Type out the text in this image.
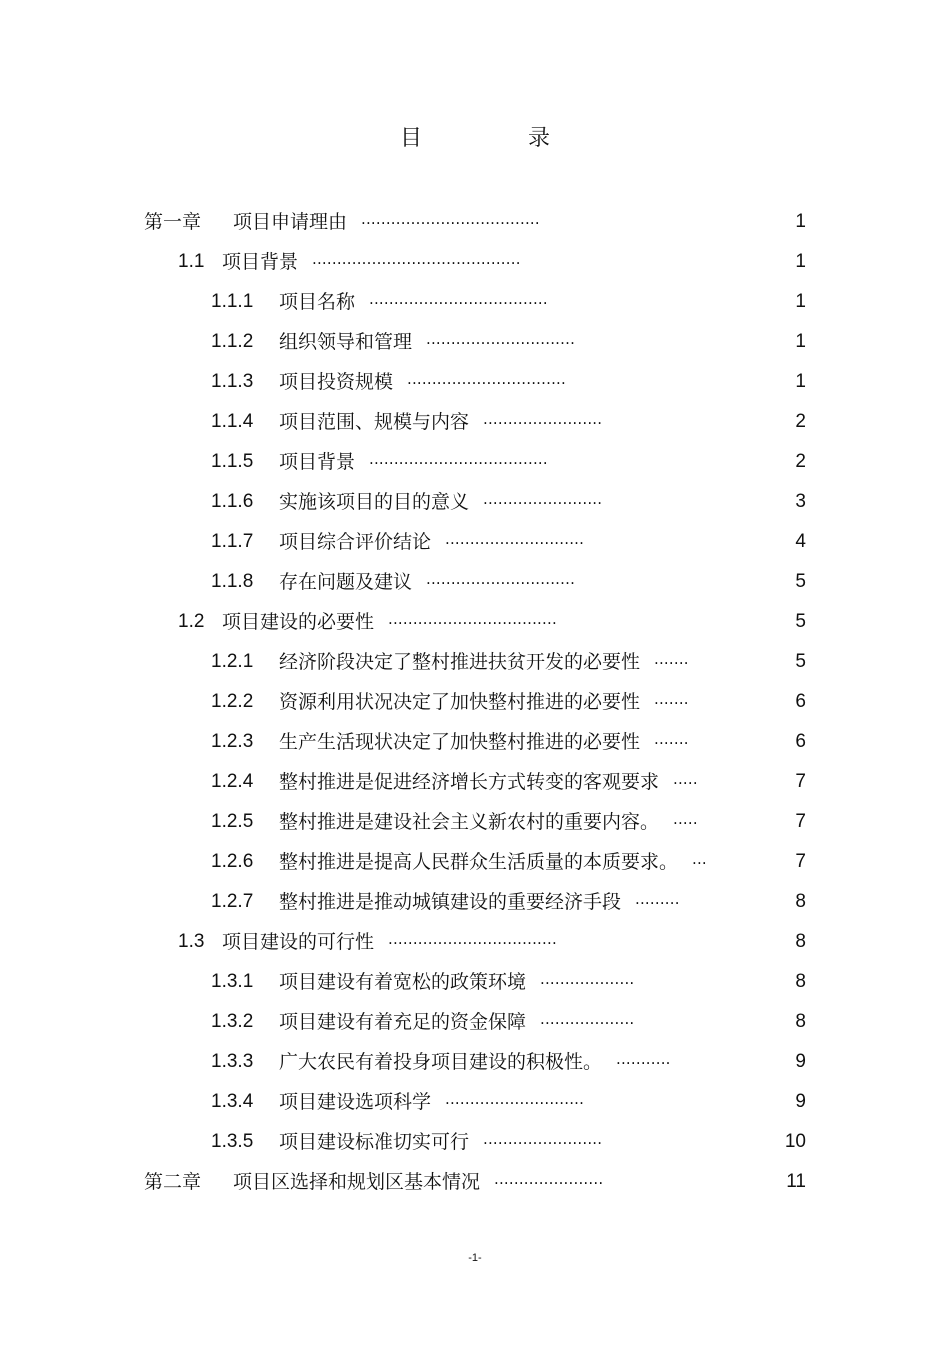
目　录
第一章 项目申请理由 ....................................	1
1.1 项目背景 ..........................................	1
1.1.1 项目名称 ....................................	1
1.1.2 组织领导和管理 ..............................	1
1.1.3 项目投资规模 ................................	1
1.1.4 项目范围、规模与内容 ........................	2
1.1.5 项目背景 ....................................	2
1.1.6 实施该项目的目的意义 ........................	3
1.1.7 项目综合评价结论 ............................	4
1.1.8 存在问题及建议 ..............................	5
1.2 项目建设的必要性 ..................................	5
1.2.1 经济阶段决定了整村推进扶贫开发的必要性 .......	5
1.2.2 资源利用状况决定了加快整村推进的必要性 .......	6
1.2.3 生产生活现状决定了加快整村推进的必要性 .......	6
1.2.4 整村推进是促进经济增长方式转变的客观要求 .....	7
1.2.5 整村推进是建设社会主义新农村的重要内容。 .....	7
1.2.6 整村推进是提高人民群众生活质量的本质要求。 ...	7
1.2.7 整村推进是推动城镇建设的重要经济手段 .........	8
1.3 项目建设的可行性 ..................................	8
1.3.1 项目建设有着宽松的政策环境 ...................	8
1.3.2 项目建设有着充足的资金保障 ...................	8
1.3.3 广大农民有着投身项目建设的积极性。 ...........	9
1.3.4 项目建设选项科学 ............................	9
1.3.5 项目建设标准切实可行 ........................	10
第二章 项目区选择和规划区基本情况 ......................	11
-1-
